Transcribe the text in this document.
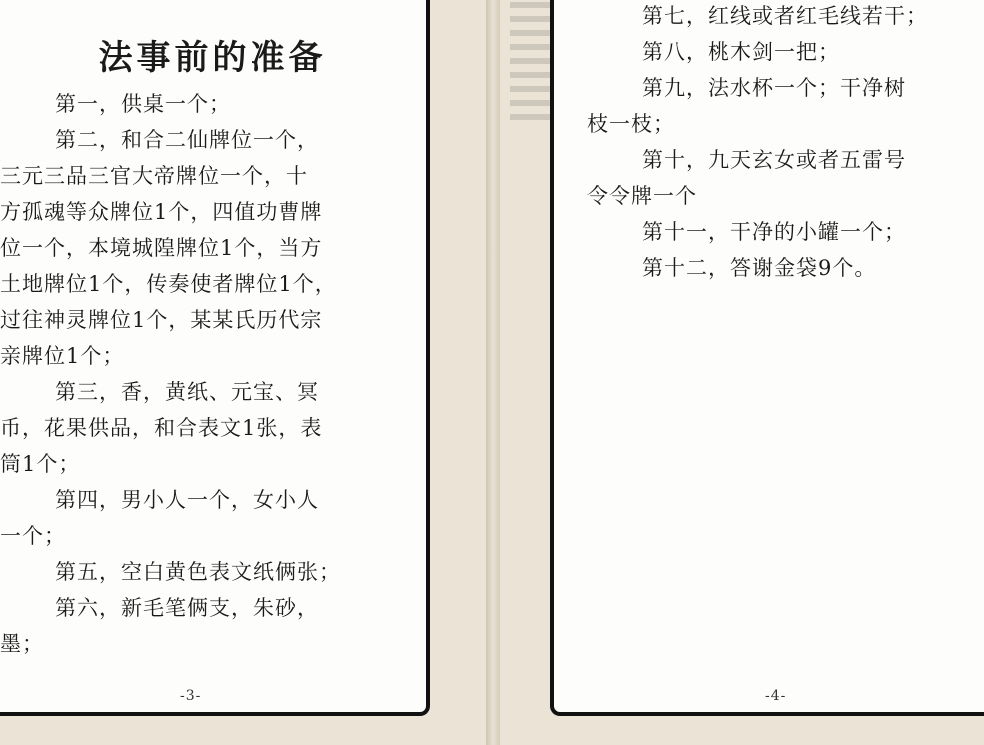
法事前的准备

第一，供桌一个；

第二，和合二仙牌位一个，
三元三品三官大帝牌位一个，十
方孤魂等众牌位1个，四值功曹牌
位一个，本境城隍牌位1个，当方
土地牌位1个，传奏使者牌位1个，
过往神灵牌位1个，某某氏历代宗
亲牌位1个；

第三，香，黄纸、元宝、冥
币，花果供品，和合表文1张，表
筒1个；

第四，男小人一个，女小人
一个；

第五，空白黄色表文纸俩张；

第六，新毛笔俩支，朱砂，
墨；

第七，红线或者红毛线若干；

第八，桃木剑一把；

第九，法水杯一个；干净树
枝一枝；

第十，九天玄女或者五雷号
令令牌一个

第十一，干净的小罐一个；

第十二，答谢金袋9个。

-3-	-4-
